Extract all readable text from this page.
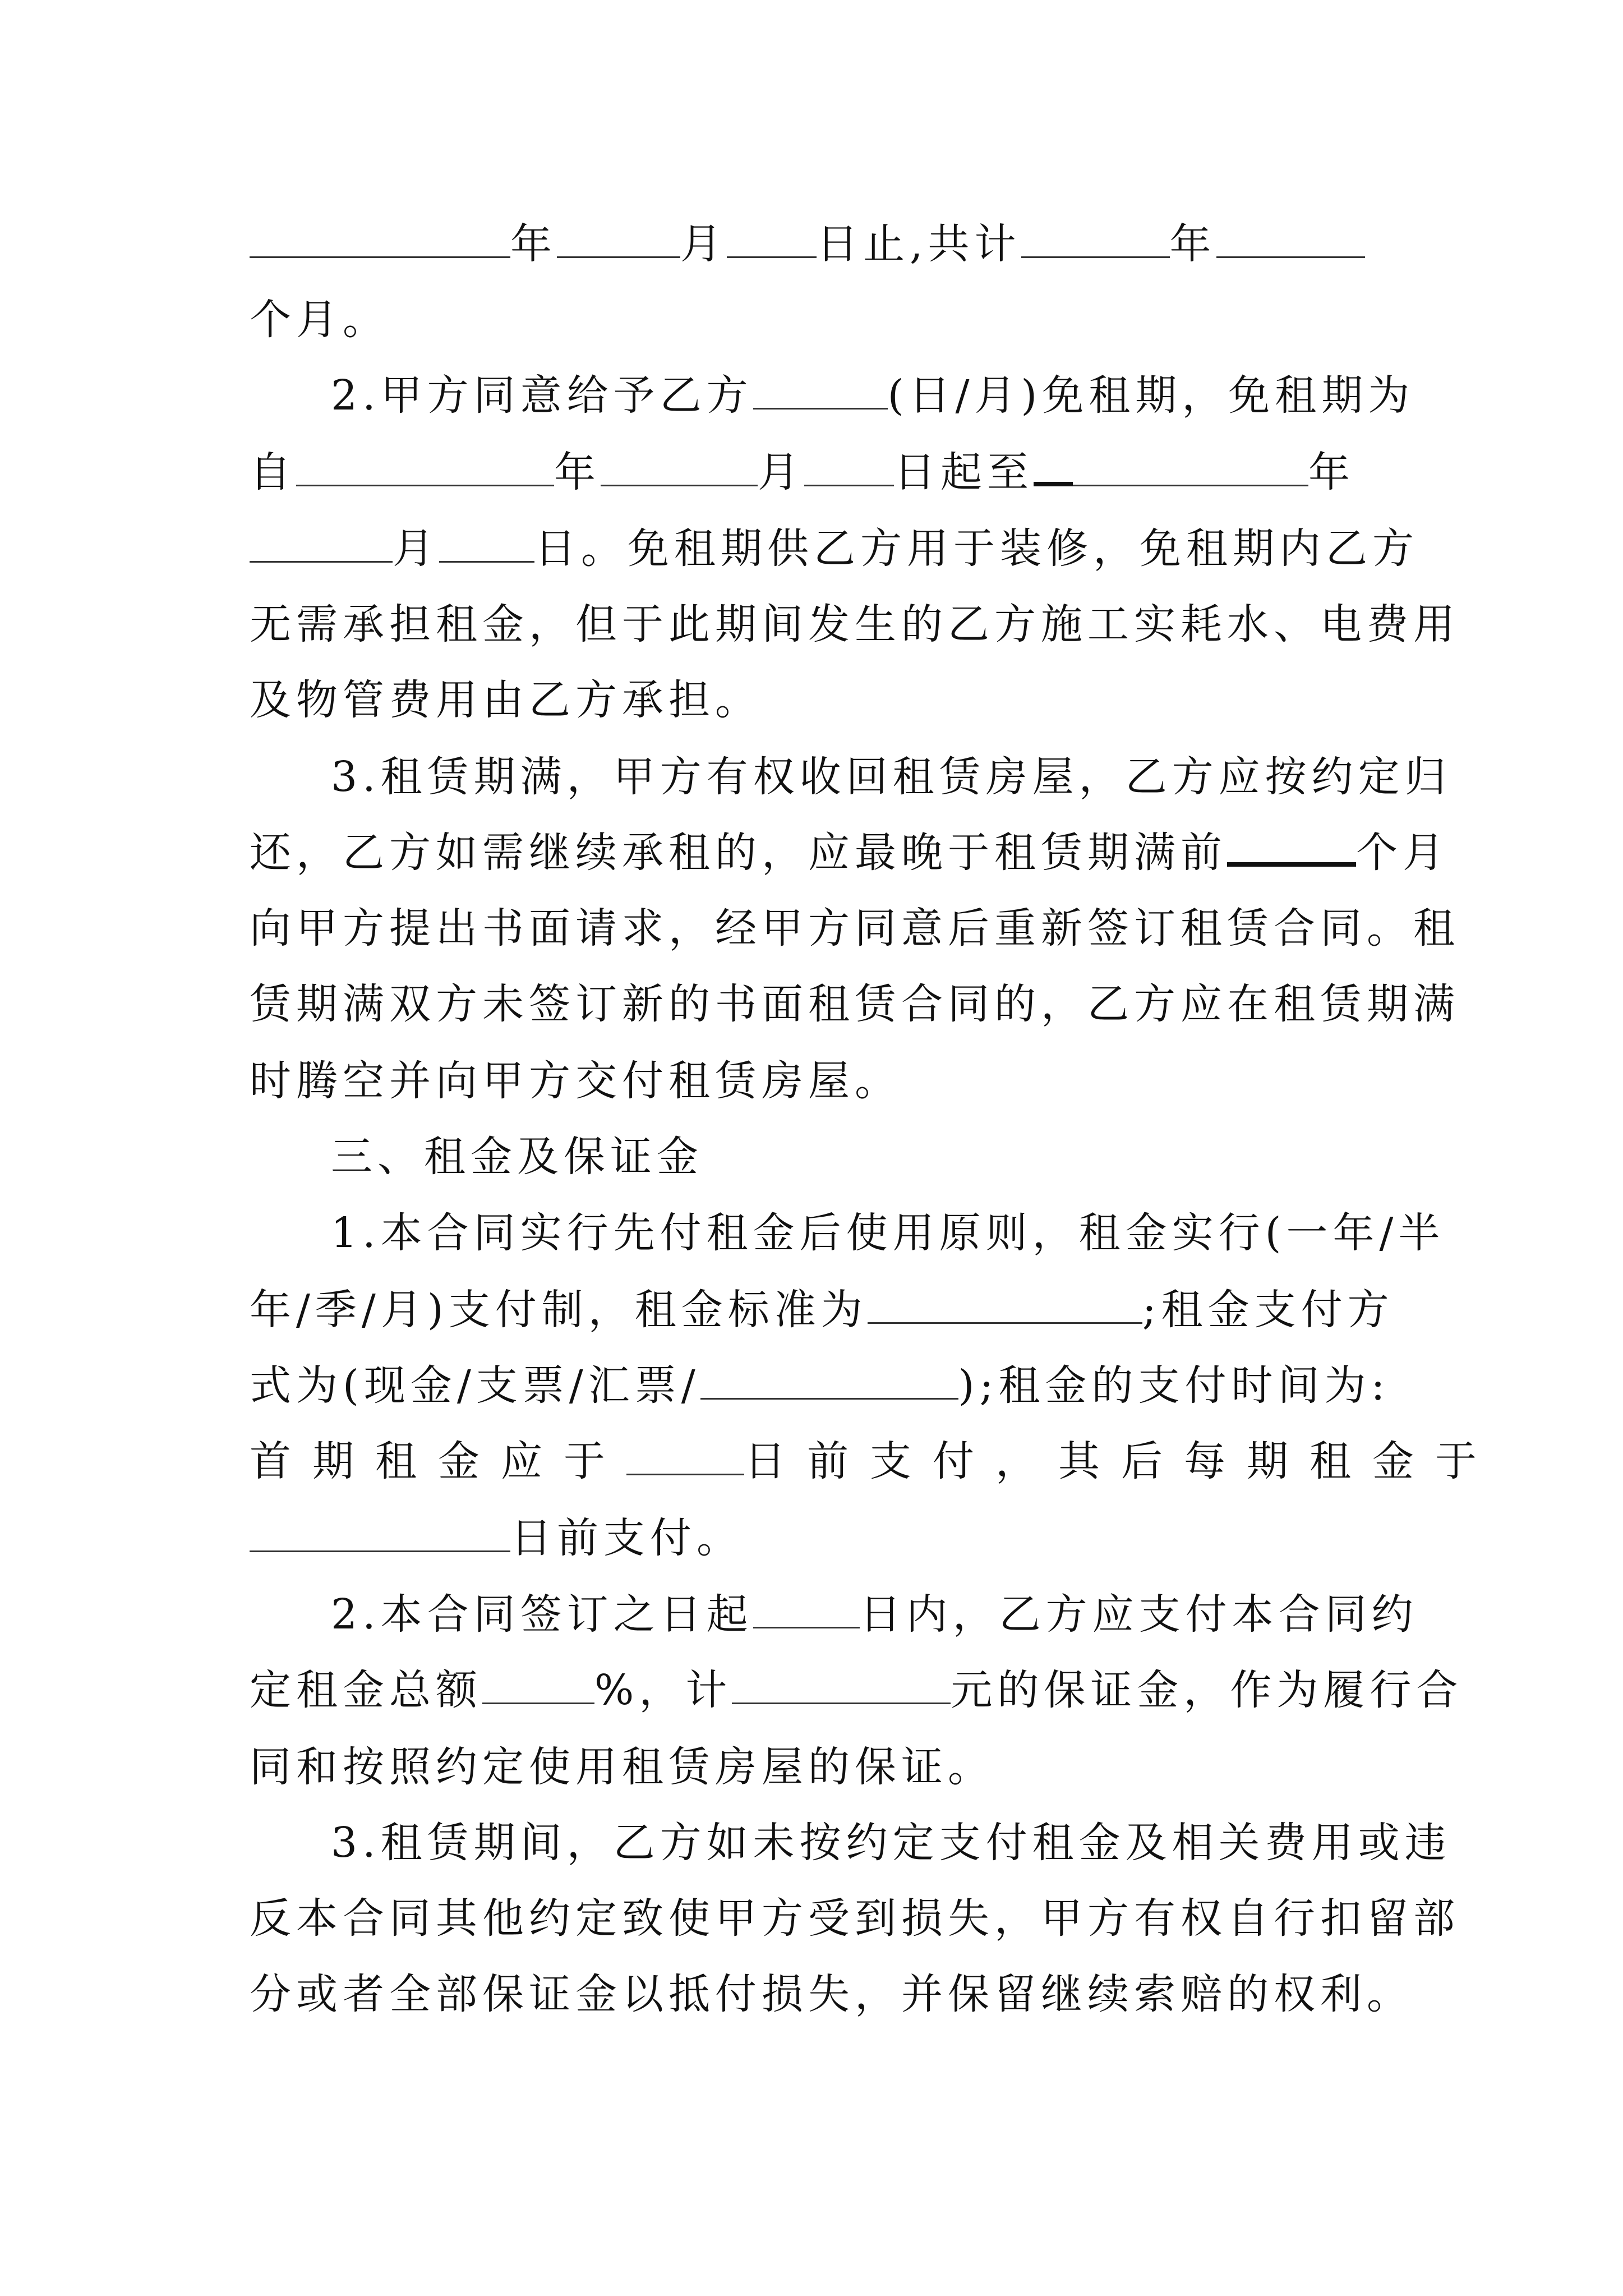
年	月 日止,共计	年
个月。
2.甲方同意给予乙方	(日/月)免租期，免租期为
自	年	月 日起至	年
月 日。免租期供乙方用于装修，免租期内乙方
无需承担租金，但于此期间发生的乙方施工实耗水、电费用
及物管费用由乙方承担。
3.租赁期满，甲方有权收回租赁房屋，乙方应按约定归
还，乙方如需继续承租的，应最晚于租赁期满前	个月
向甲方提出书面请求，经甲方同意后重新签订租赁合同。租
赁期满双方未签订新的书面租赁合同的，乙方应在租赁期满
时腾空并向甲方交付租赁房屋。
三、租金及保证金
1.本合同实行先付租金后使用原则，租金实行(一年/半
年/季/月)支付制，租金标准为	;租金支付方
式为(现金/支票/汇票/	);租金的支付时间为:
首期租金应于	日前支付，其后每期租金于
日前支付。
2.本合同签订之日起	日内，乙方应支付本合同约
定租金总额	%，计	元的保证金，作为履行合
同和按照约定使用租赁房屋的保证。
3.租赁期间，乙方如未按约定支付租金及相关费用或违
反本合同其他约定致使甲方受到损失，甲方有权自行扣留部
分或者全部保证金以抵付损失，并保留继续索赔的权利。
